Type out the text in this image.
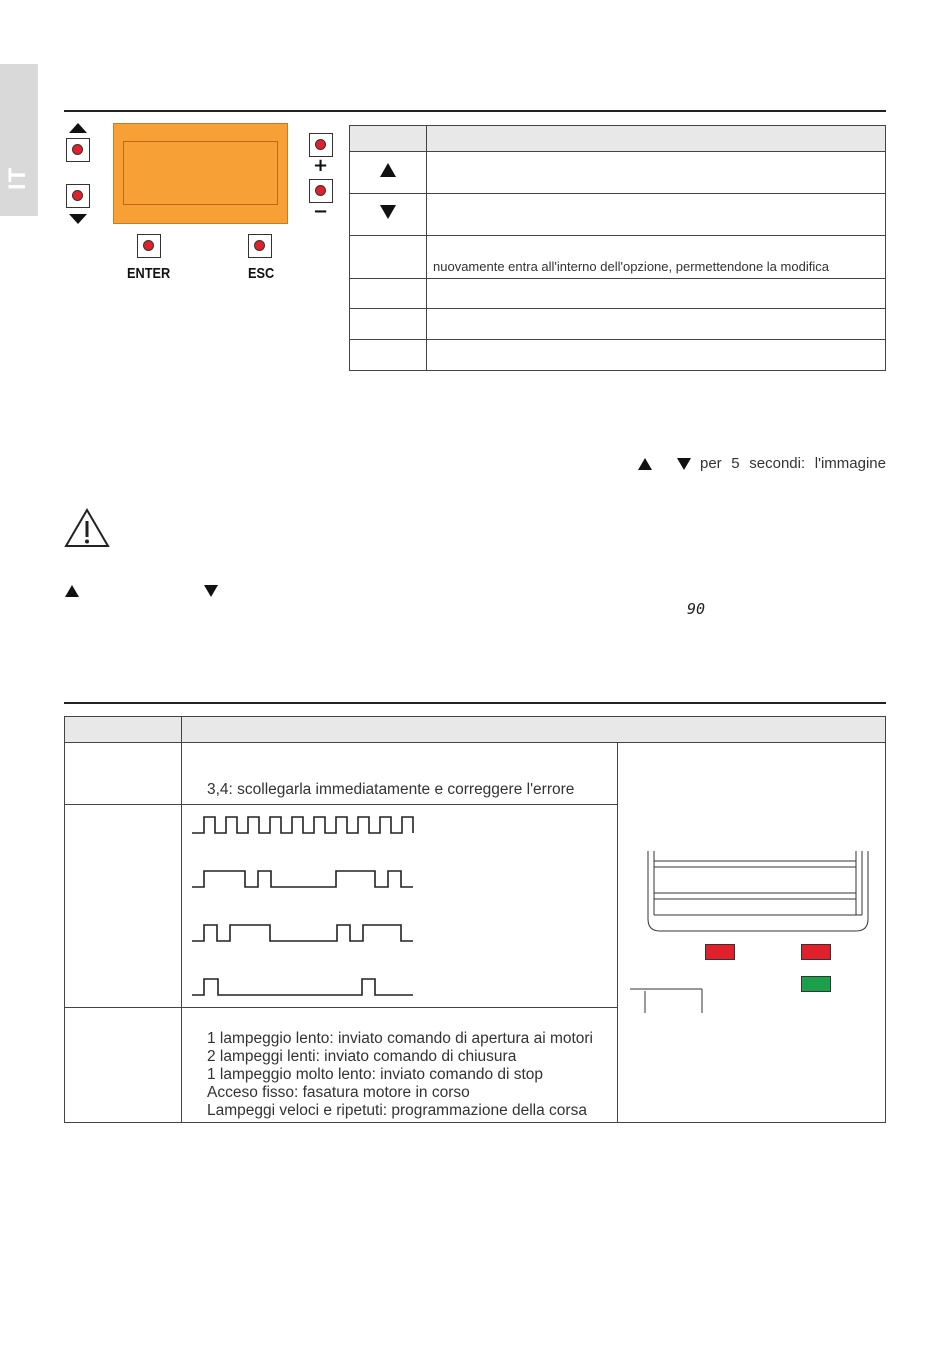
IT
+
−
ENTER	ESC

		nuovamente entra all'interno dell'opzione, permettendone la modifica

per 5 secondi: l'immagine
90

	3,4: scollegarla immediatamente e correggere l'errore

	1 lampeggio lento: inviato comando di apertura ai motori
2 lampeggi lenti: inviato comando di chiusura
1 lampeggio molto lento: inviato comando di stop
Acceso fisso: fasatura motore in corso
Lampeggi veloci e ripetuti: programmazione della corsa	
